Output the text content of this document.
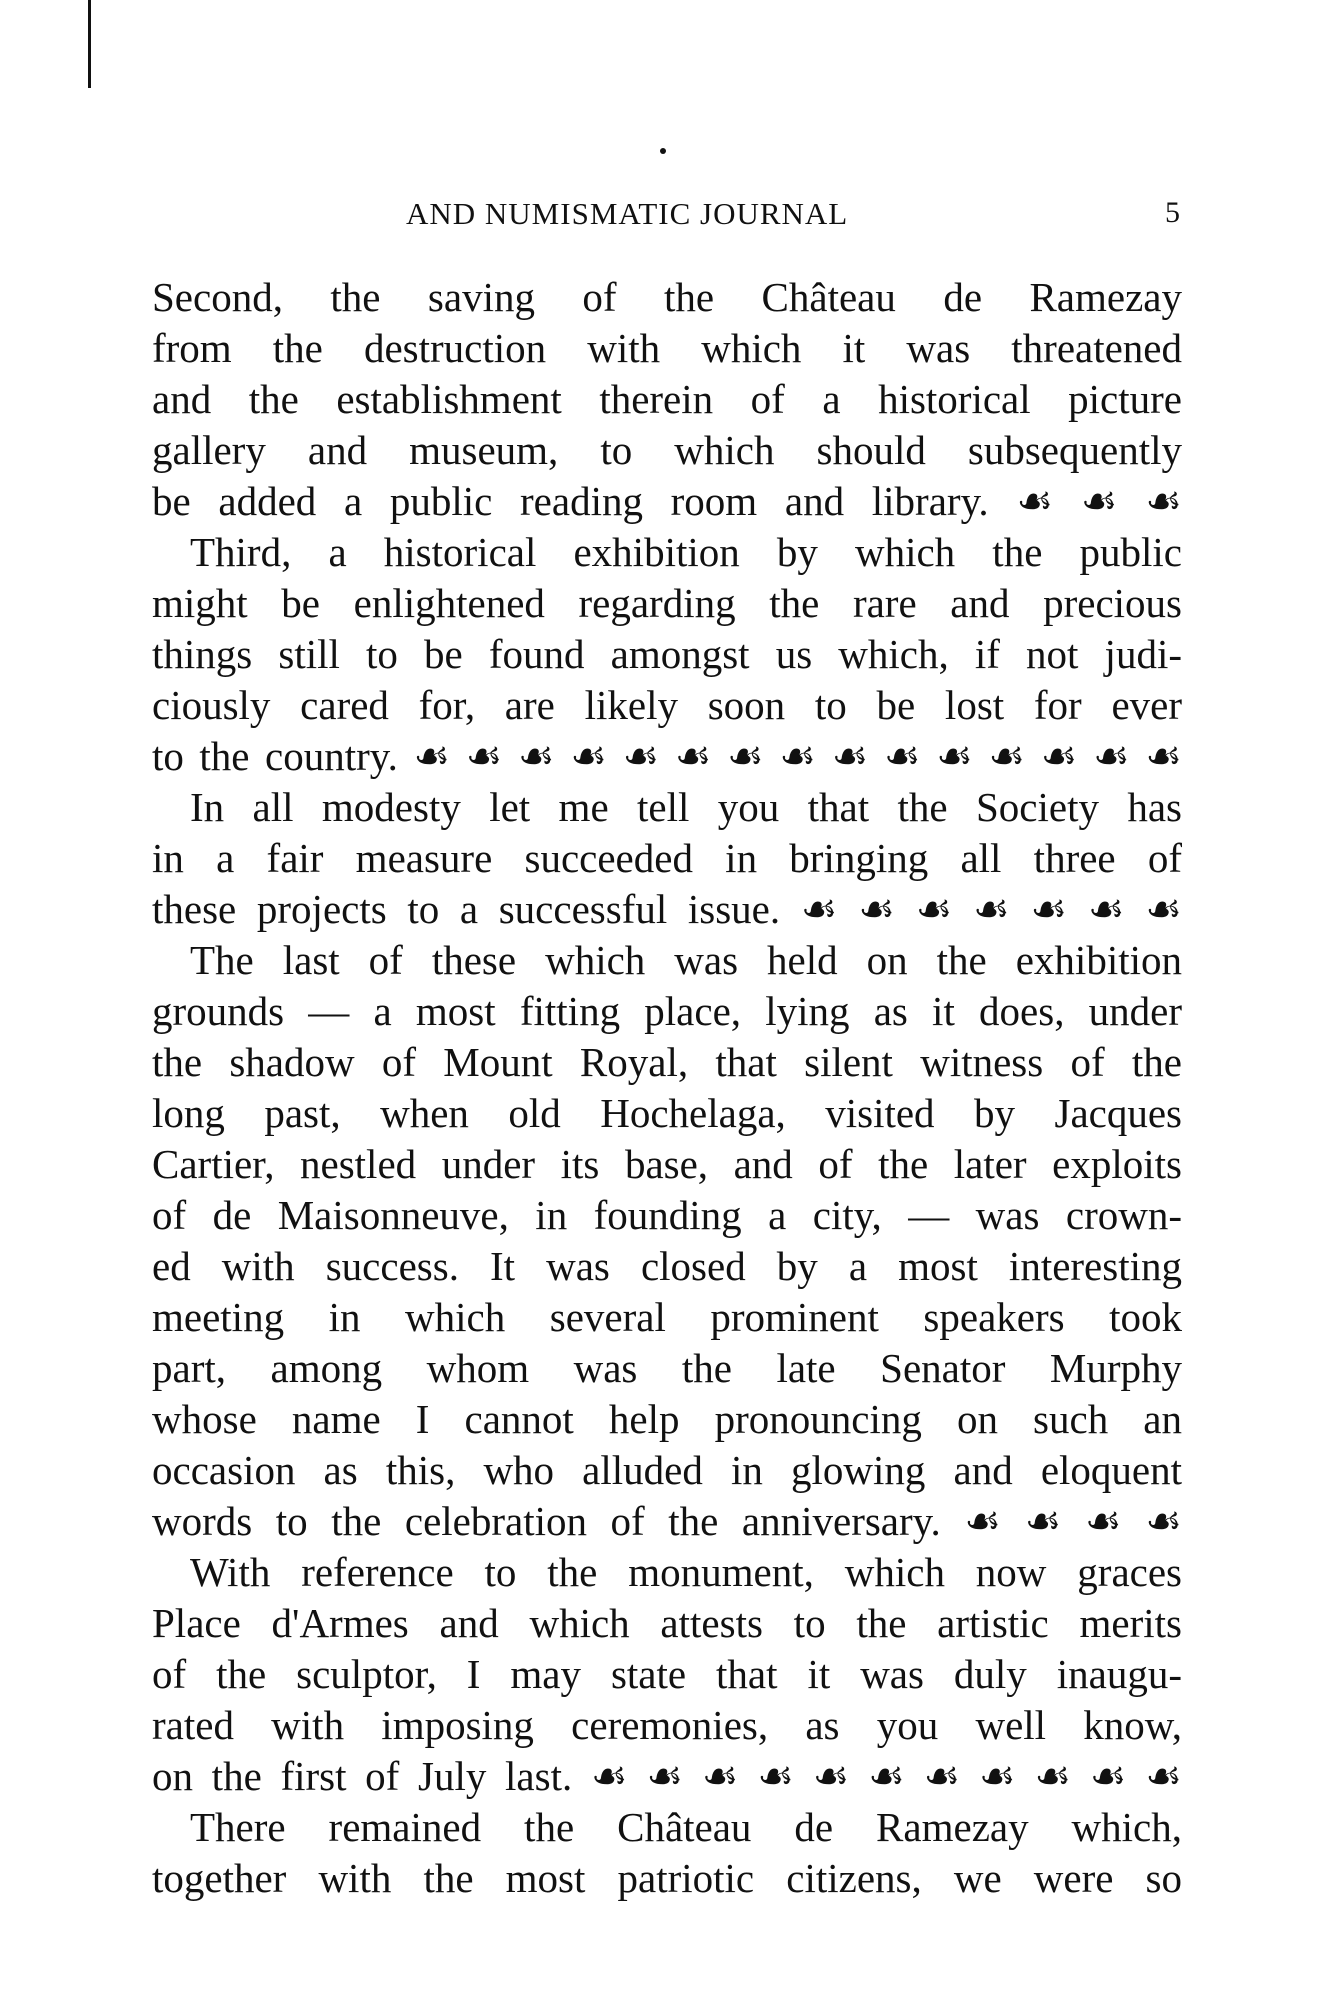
AND NUMISMATIC JOURNAL	5
Second, the saving of the Château de Ramezay
from the destruction with which it was threatened
and the establishment therein of a historical picture
gallery and museum, to which should subsequently
be added a public reading room and library. ☙ ☙ ☙
Third, a historical exhibition by which the public
might be enlightened regarding the rare and precious
things still to be found amongst us which, if not judi-
ciously cared for, are likely soon to be lost for ever
to the country. ☙ ☙ ☙ ☙ ☙ ☙ ☙ ☙ ☙ ☙ ☙ ☙ ☙ ☙ ☙
In all modesty let me tell you that the Society has
in a fair measure succeeded in bringing all three of
these projects to a successful issue. ☙ ☙ ☙ ☙ ☙ ☙ ☙
The last of these which was held on the exhibition
grounds — a most fitting place, lying as it does, under
the shadow of Mount Royal, that silent witness of the
long past, when old Hochelaga, visited by Jacques
Cartier, nestled under its base, and of the later exploits
of de Maisonneuve, in founding a city, — was crown-
ed with success. It was closed by a most interesting
meeting in which several prominent speakers took
part, among whom was the late Senator Murphy
whose name I cannot help pronouncing on such an
occasion as this, who alluded in glowing and eloquent
words to the celebration of the anniversary. ☙ ☙ ☙ ☙
With reference to the monument, which now graces
Place d'Armes and which attests to the artistic merits
of the sculptor, I may state that it was duly inaugu-
rated with imposing ceremonies, as you well know,
on the first of July last. ☙ ☙ ☙ ☙ ☙ ☙ ☙ ☙ ☙ ☙ ☙
There remained the Château de Ramezay which,
together with the most patriotic citizens, we were so
